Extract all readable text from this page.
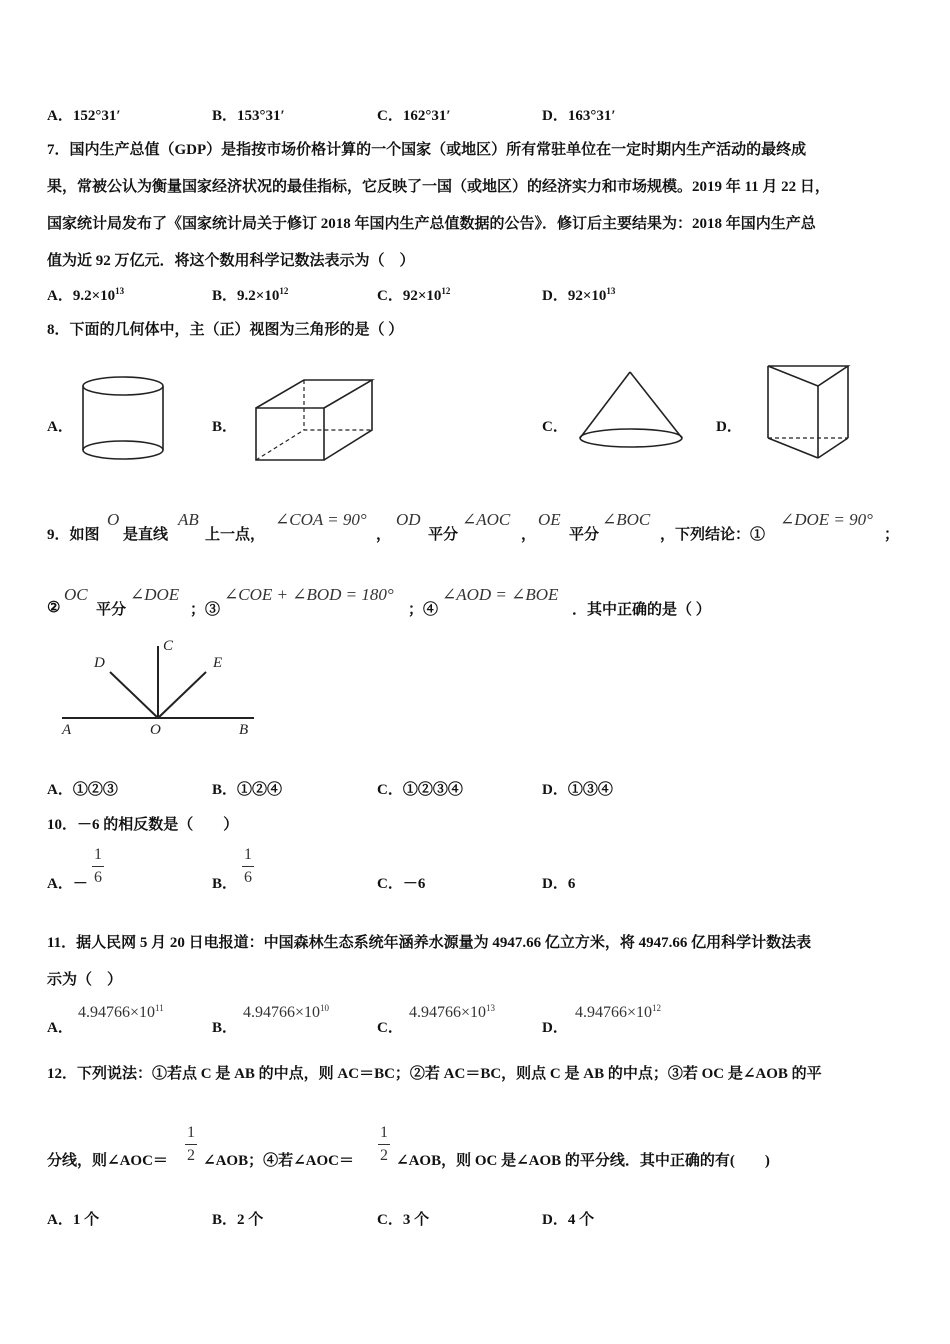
A．152°31′	B．153°31′	C．162°31′	D．163°31′
7．国内生产总值（GDP）是指按市场价格计算的一个国家（或地区）所有常驻单位在一定时期内生产活动的最终成
果，常被公认为衡量国家经济状况的最佳指标，它反映了一国（或地区）的经济实力和市场规模。2019 年 11 月 22 日，
国家统计局发布了《国家统计局关于修订 2018 年国内生产总值数据的公告》．修订后主要结果为：2018 年国内生产总
值为近 92 万亿元．将这个数用科学记数法表示为（　）
A．$9.2\times 10^{13}$	B．$9.2\times 10^{12}$	C．$92\times 10^{12}$	D．$92\times 10^{13}$
8．下面的几何体中，主（正）视图为三角形的是（ ）
A．	B．	C．	D．
9．如图
O
是直线
AB
上一点，
∠COA = 90°
，
OD
平分
∠AOC
，
OE
平分
∠BOC
，下列结论：①
∠DOE = 90°
；
②
OC
平分
∠DOE
；③
∠COE + ∠BOD = 180°
；④
∠AOD = ∠BOE
．其中正确的是（ ）
C
D	E
A	O	B
A．①②③	B．①②④	C．①②③④	D．①③④
10．－6 的相反数是（　　）
A．－
1
6	B．
1
6	C．－6	D．6
11．据人民网 5 月 20 日电报道：中国森林生态系统年涵养水源量为 4947.66 亿立方米，将 4947.66 亿用科学计数法表
示为（　）
A．
$4.94766\times 10^{11}$
B．
$4.94766\times 10^{10}$
C．
$4.94766\times 10^{13}$
D．
$4.94766\times 10^{12}$
12．下列说法：①若点 C 是 AB 的中点，则 AC＝BC；②若 AC＝BC，则点 C 是 AB 的中点；③若 OC 是∠AOB 的平
分线，则∠AOC＝
1
2 ∠AOB；④若∠AOC＝
1
2 ∠AOB，则 OC 是∠AOB 的平分线．其中正确的有(　　)
A．1 个	B．2 个	C．3 个	D．4 个
